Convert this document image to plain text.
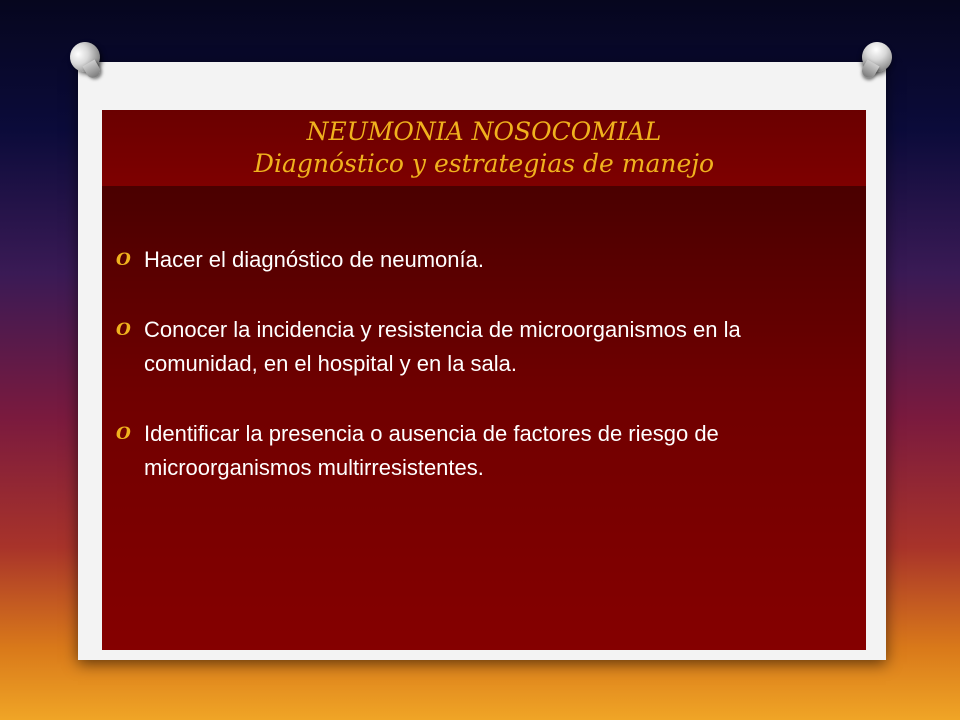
NEUMONIA NOSOCOMIAL
Diagnóstico y estrategias de manejo
O Hacer el diagnóstico de neumonía.
O Conocer la incidencia y resistencia de microorganismos en la comunidad, en el hospital y en la sala.
O Identificar la presencia o ausencia de factores de riesgo de microorganismos multirresistentes.
